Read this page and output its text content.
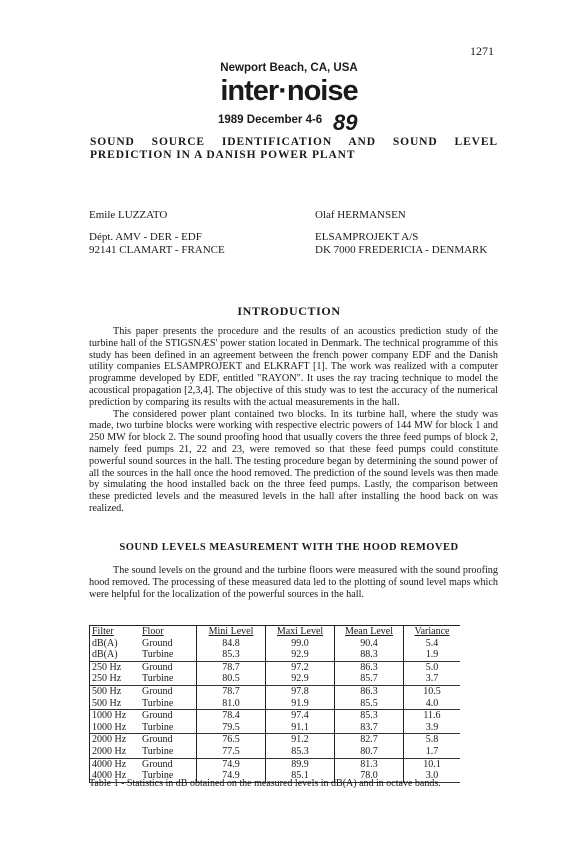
1271
Newport Beach, CA, USA
inter·noise
1989 December 4-6 89
SOUND SOURCE IDENTIFICATION AND SOUND LEVEL PREDICTION IN A DANISH POWER PLANT
Emile LUZZATO
Dépt. AMV - DER - EDF
92141 CLAMART - FRANCE
Olaf HERMANSEN
ELSAMPROJEKT A/S
DK 7000 FREDERICIA - DENMARK
INTRODUCTION

This paper presents the procedure and the results of an acoustics prediction study of the turbine hall of the STIGSNÆS' power station located in Denmark. The technical programme of this study has been defined in an agreement between the french power company EDF and the Danish utility companies ELSAMPROJEKT and ELKRAFT [1]. The work was realized with a computer programme developed by EDF, entitled "RAYON". It uses the ray tracing technique to model the acoustical propagation [2,3,4]. The objective of this study was to test the accuracy of the numerical prediction by comparing its results with the actual measurements in the hall.

The considered power plant contained two blocks. In its turbine hall, where the study was made, two turbine blocks were working with respective electric powers of 144 MW for block 1 and 250 MW for block 2. The sound proofing hood that usually covers the three feed pumps of block 2, namely feed pumps 21, 22 and 23, were removed so that these feed pumps could constitute powerful sound sources in the hall. The testing procedure began by determining the sound power of all the sources in the hall once the hood removed. The prediction of the sound levels was then made by simulating the hood installed back on the three feed pumps. Lastly, the comparison between these predicted levels and the measured levels in the hall after installing the hood back on was realized.

SOUND LEVELS MEASUREMENT WITH THE HOOD REMOVED

The sound levels on the ground and the turbine floors were measured with the sound proofing hood removed. The processing of these measured data led to the plotting of sound level maps which were helpful for the localization of the powerful sources in the hall.

Filter	Floor	Mini Level	Maxi Level	Mean Level	Variance
dB(A)	Ground	84.8	99.0	90.4	5.4
dB(A)	Turbine	85.3	92.9	88.3	1.9
250 Hz	Ground	78.7	97.2	86.3	5.0
250 Hz	Turbine	80.5	92.9	85.7	3.7
500 Hz	Ground	78.7	97.8	86.3	10.5
500 Hz	Turbine	81.0	91.9	85.5	4.0
1000 Hz	Ground	78.4	97.4	85.3	11.6
1000 Hz	Turbine	79.5	91.1	83.7	3.9
2000 Hz	Ground	76.5	91.2	82.7	5.8
2000 Hz	Turbine	77.5	85.3	80.7	1.7
4000 Hz	Ground	74.9	89.9	81.3	10.1
4000 Hz	Turbine	74.9	85.1	78.0	3.0
Table 1 - Statistics in dB obtained on the measured levels in dB(A) and in octave bands.
